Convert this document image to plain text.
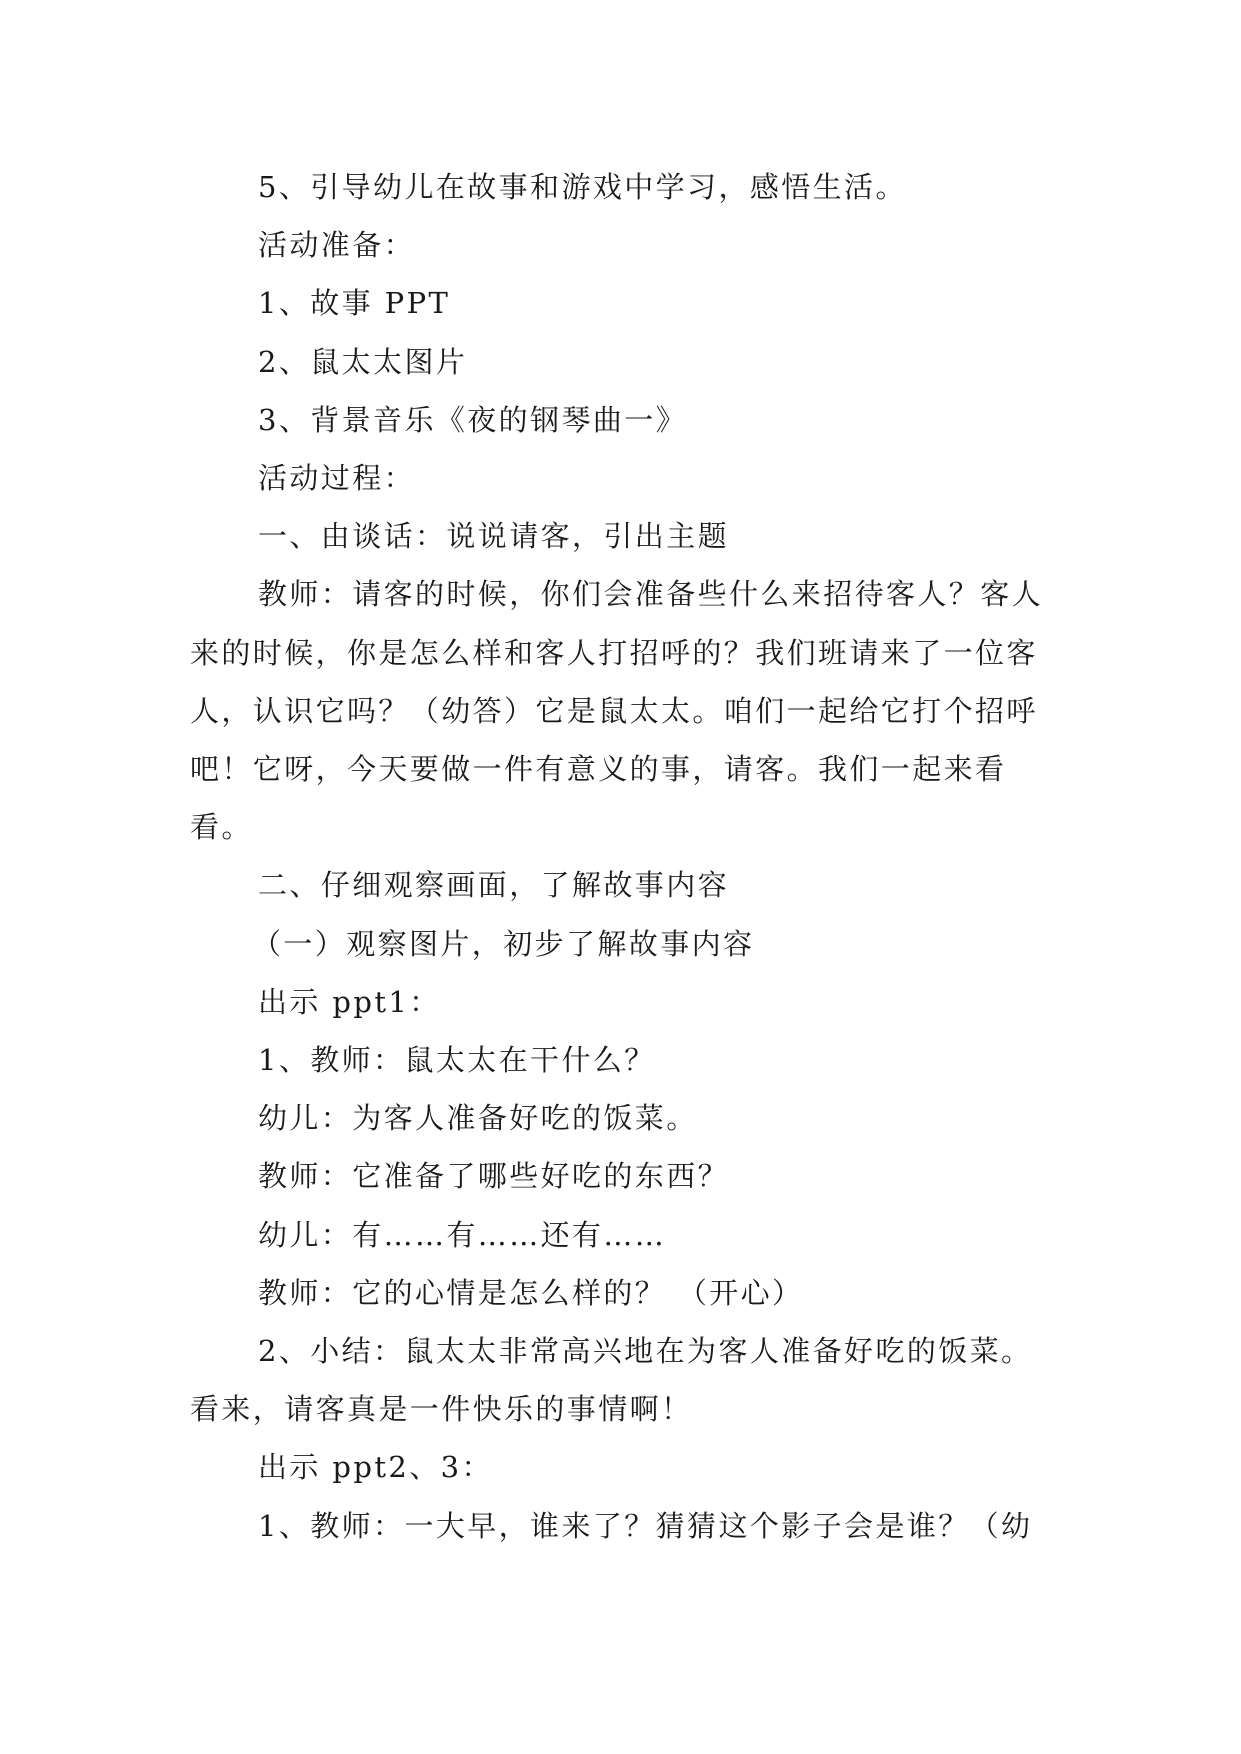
5、引导幼儿在故事和游戏中学习，感悟生活。

活动准备：

1、故事 PPT

2、鼠太太图片

3、背景音乐《夜的钢琴曲一》

活动过程：

一、由谈话：说说请客，引出主题

教师：请客的时候，你们会准备些什么来招待客人？客人来的时候，你是怎么样和客人打招呼的？我们班请来了一位客人，认识它吗？（幼答）它是鼠太太。咱们一起给它打个招呼吧！它呀，今天要做一件有意义的事，请客。我们一起来看看。

二、仔细观察画面，了解故事内容

（一）观察图片，初步了解故事内容

出示 ppt1：

1、教师：鼠太太在干什么？

幼儿：为客人准备好吃的饭菜。

教师：它准备了哪些好吃的东西？

幼儿：有……有……还有……

教师：它的心情是怎么样的？ （开心）

2、小结：鼠太太非常高兴地在为客人准备好吃的饭菜。看来，请客真是一件快乐的事情啊！

出示 ppt2、3：

1、教师：一大早，谁来了？猜猜这个影子会是谁？（幼
